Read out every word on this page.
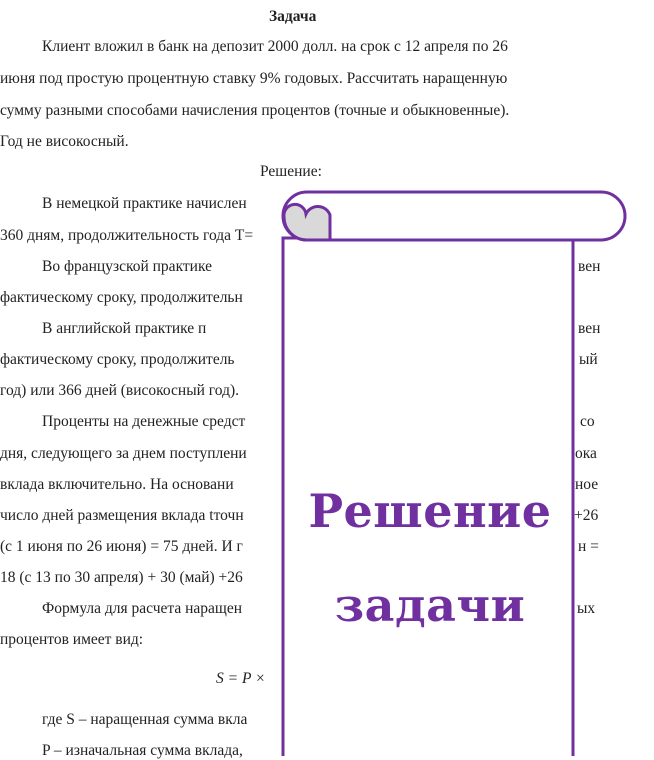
Задача
Клиент вложил в банк на депозит 2000 долл. на срок с 12 апреля по 26
июня под простую процентную ставку 9% годовых. Рассчитать наращенную
сумму разными способами начисления процентов (точные и обыкновенные).
Год не високосный.
Решение:
В немецкой практике начислен
360 дням, продолжительность года T=
Во французской практике	вен
фактическому сроку, продолжительн
В английской практике п	вен
фактическому сроку, продолжитель	ый
год) или 366 дней (високосный год).
Проценты на денежные средст	со
дня, следующего за днем поступлени	ока
вклада включительно. На основани	ное
число дней размещения вклада tточн	+26
(с 1 июня по 26 июня) = 75 дней. И г	н =
18 (с 13 по 30 апреля) + 30 (май) +26
Формула для расчета наращен	ых
процентов имеет вид:
S = P ×
где S – наращенная сумма вкла
P – изначальная сумма вклада,
Решение
задачи
